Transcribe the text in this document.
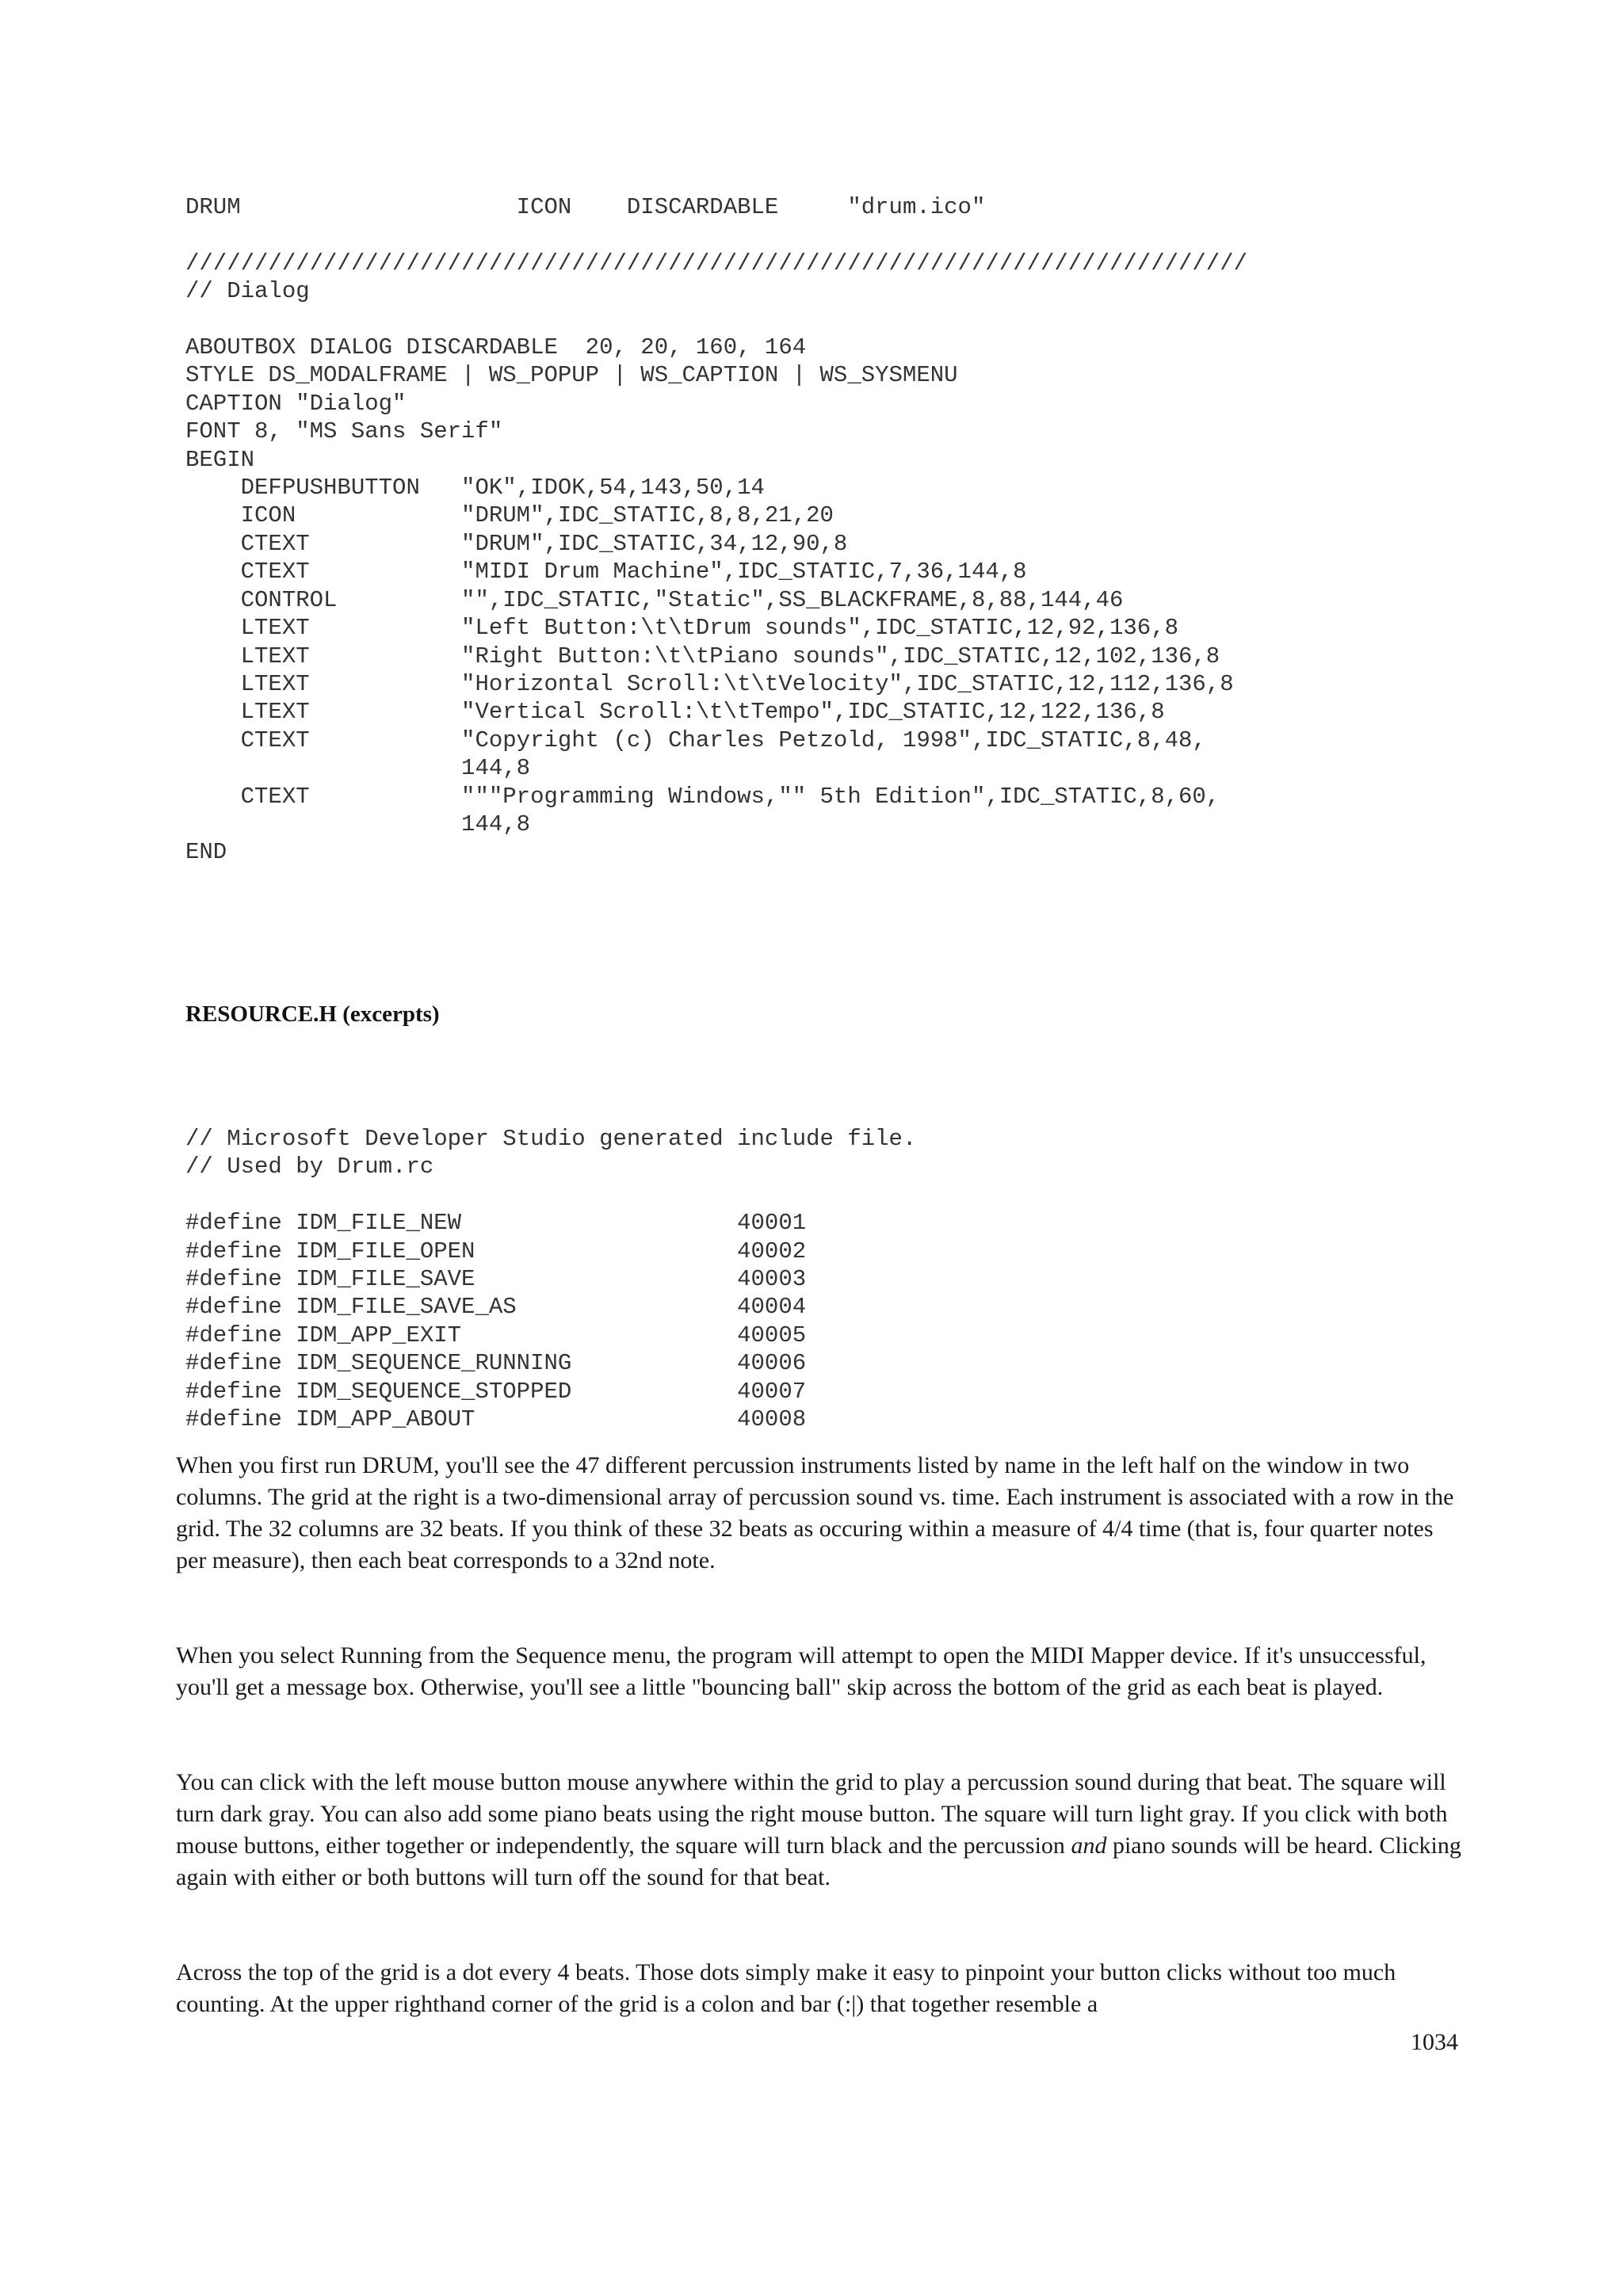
DRUM                    ICON    DISCARDABLE     "drum.ico"

/////////////////////////////////////////////////////////////////////////////
// Dialog

ABOUTBOX DIALOG DISCARDABLE  20, 20, 160, 164
STYLE DS_MODALFRAME | WS_POPUP | WS_CAPTION | WS_SYSMENU
CAPTION "Dialog"
FONT 8, "MS Sans Serif"
BEGIN
DEFPUSHBUTTON   "OK",IDOK,54,143,50,14
ICON            "DRUM",IDC_STATIC,8,8,21,20
CTEXT           "DRUM",IDC_STATIC,34,12,90,8
CTEXT           "MIDI Drum Machine",IDC_STATIC,7,36,144,8
CONTROL         "",IDC_STATIC,"Static",SS_BLACKFRAME,8,88,144,46
LTEXT           "Left Button:\t\tDrum sounds",IDC_STATIC,12,92,136,8
LTEXT           "Right Button:\t\tPiano sounds",IDC_STATIC,12,102,136,8
LTEXT           "Horizontal Scroll:\t\tVelocity",IDC_STATIC,12,112,136,8
LTEXT           "Vertical Scroll:\t\tTempo",IDC_STATIC,12,122,136,8
CTEXT           "Copyright (c) Charles Petzold, 1998",IDC_STATIC,8,48,
144,8
CTEXT           """Programming Windows,"" 5th Edition",IDC_STATIC,8,60,
144,8
END
RESOURCE.H (excerpts)
// Microsoft Developer Studio generated include file.
// Used by Drum.rc

#define IDM_FILE_NEW                    40001
#define IDM_FILE_OPEN                   40002
#define IDM_FILE_SAVE                   40003
#define IDM_FILE_SAVE_AS                40004
#define IDM_APP_EXIT                    40005
#define IDM_SEQUENCE_RUNNING            40006
#define IDM_SEQUENCE_STOPPED            40007
#define IDM_APP_ABOUT                   40008

When you first run DRUM, you'll see the 47 different percussion instruments listed by name in the left half on the window in two columns. The grid at the right is a two-dimensional array of percussion sound vs. time. Each instrument is associated with a row in the grid. The 32 columns are 32 beats. If you think of these 32 beats as occuring within a measure of 4/4 time (that is, four quarter notes per measure), then each beat corresponds to a 32nd note.

When you select Running from the Sequence menu, the program will attempt to open the MIDI Mapper device. If it's unsuccessful, you'll get a message box. Otherwise, you'll see a little "bouncing ball" skip across the bottom of the grid as each beat is played.

You can click with the left mouse button mouse anywhere within the grid to play a percussion sound during that beat. The square will turn dark gray. You can also add some piano beats using the right mouse button. The square will turn light gray. If you click with both mouse buttons, either together or independently, the square will turn black and the percussion and piano sounds will be heard. Clicking again with either or both buttons will turn off the sound for that beat.

Across the top of the grid is a dot every 4 beats. Those dots simply make it easy to pinpoint your button clicks without too much counting. At the upper righthand corner of the grid is a colon and bar (:|) that together resemble a

1034
